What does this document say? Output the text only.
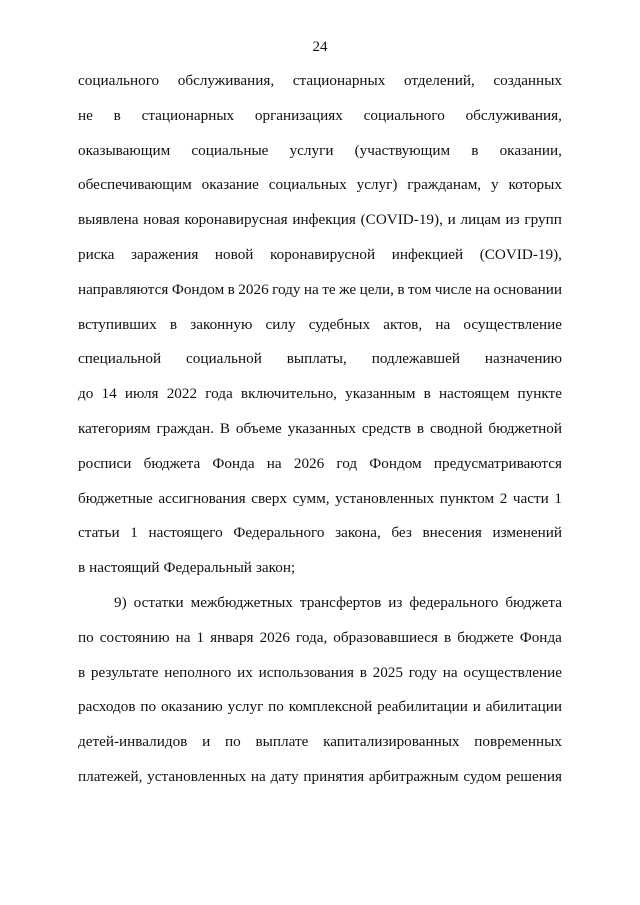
24
социального обслуживания, стационарных отделений, созданных
не в стационарных организациях социального обслуживания,
оказывающим социальные услуги (участвующим в оказании,
обеспечивающим оказание социальных услуг) гражданам, у которых
выявлена новая коронавирусная инфекция (COVID-19), и лицам из групп
риска заражения новой коронавирусной инфекцией (COVID-19),
направляются Фондом в 2026 году на те же цели, в том числе на основании
вступивших в законную силу судебных актов, на осуществление
специальной социальной выплаты, подлежавшей назначению
до 14 июля 2022 года включительно, указанным в настоящем пункте
категориям граждан. В объеме указанных средств в сводной бюджетной
росписи бюджета Фонда на 2026 год Фондом предусматриваются
бюджетные ассигнования сверх сумм, установленных пунктом 2 части 1
статьи 1 настоящего Федерального закона, без внесения изменений
в настоящий Федеральный закон;
9) остатки межбюджетных трансфертов из федерального бюджета
по состоянию на 1 января 2026 года, образовавшиеся в бюджете Фонда
в результате неполного их использования в 2025 году на осуществление
расходов по оказанию услуг по комплексной реабилитации и абилитации
детей-инвалидов и по выплате капитализированных повременных
платежей, установленных на дату принятия арбитражным судом решения
